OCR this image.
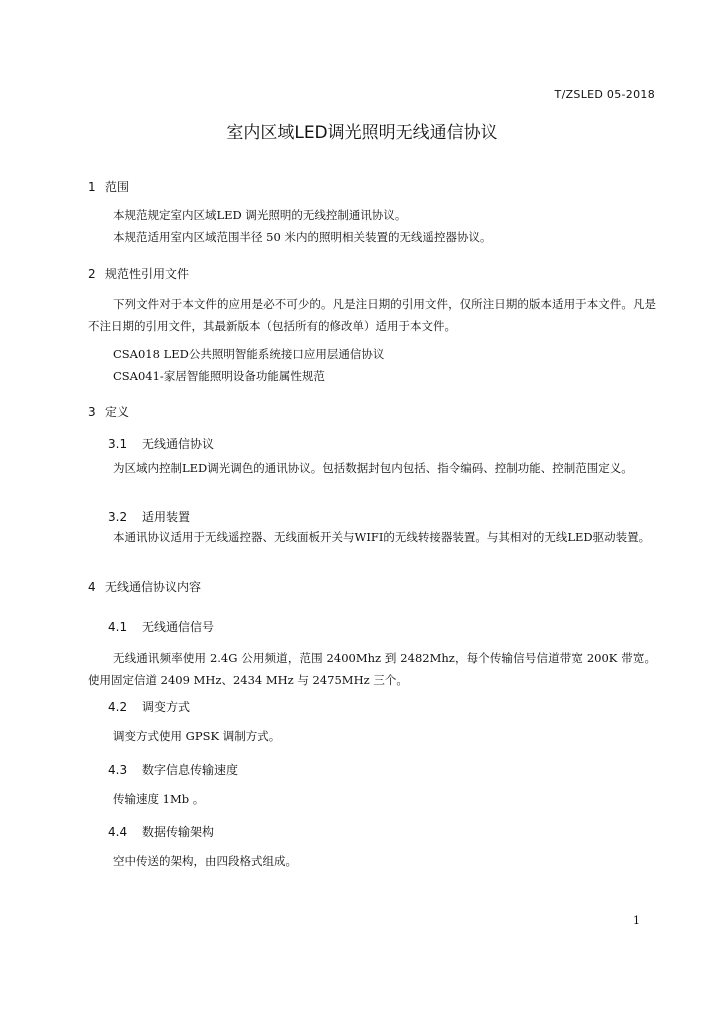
T/ZSLED 05-2018
室内区域LED调光照明无线通信协议
1 范围
本规范规定室内区域LED 调光照明的无线控制通讯协议。
本规范适用室内区域范围半径 50 米内的照明相关装置的无线遥控器协议。
2 规范性引用文件
下列文件对于本文件的应用是必不可少的。凡是注日期的引用文件，仅所注日期的版本适用于本文件。凡是不注日期的引用文件，其最新版本（包括所有的修改单）适用于本文件。
CSA018 LED公共照明智能系统接口应用层通信协议
CSA041-家居智能照明设备功能属性规范
3 定义
3.1 无线通信协议
为区域内控制LED调光调色的通讯协议。包括数据封包内包括、指令编码、控制功能、控制范围定义。
3.2 适用装置
本通讯协议适用于无线遥控器、无线面板开关与WIFI的无线转接器装置。与其相对的无线LED驱动装置。
4 无线通信协议内容
4.1 无线通信信号
无线通讯频率使用 2.4G 公用频道，范围 2400Mhz 到 2482Mhz，每个传输信号信道带宽 200K 带宽。使用固定信道 2409 MHz、2434 MHz 与 2475MHz 三个。
4.2 调变方式
调变方式使用 GPSK 调制方式。
4.3 数字信息传输速度
传输速度 1Mb 。
4.4 数据传输架构
空中传送的架构，由四段格式组成。
1
